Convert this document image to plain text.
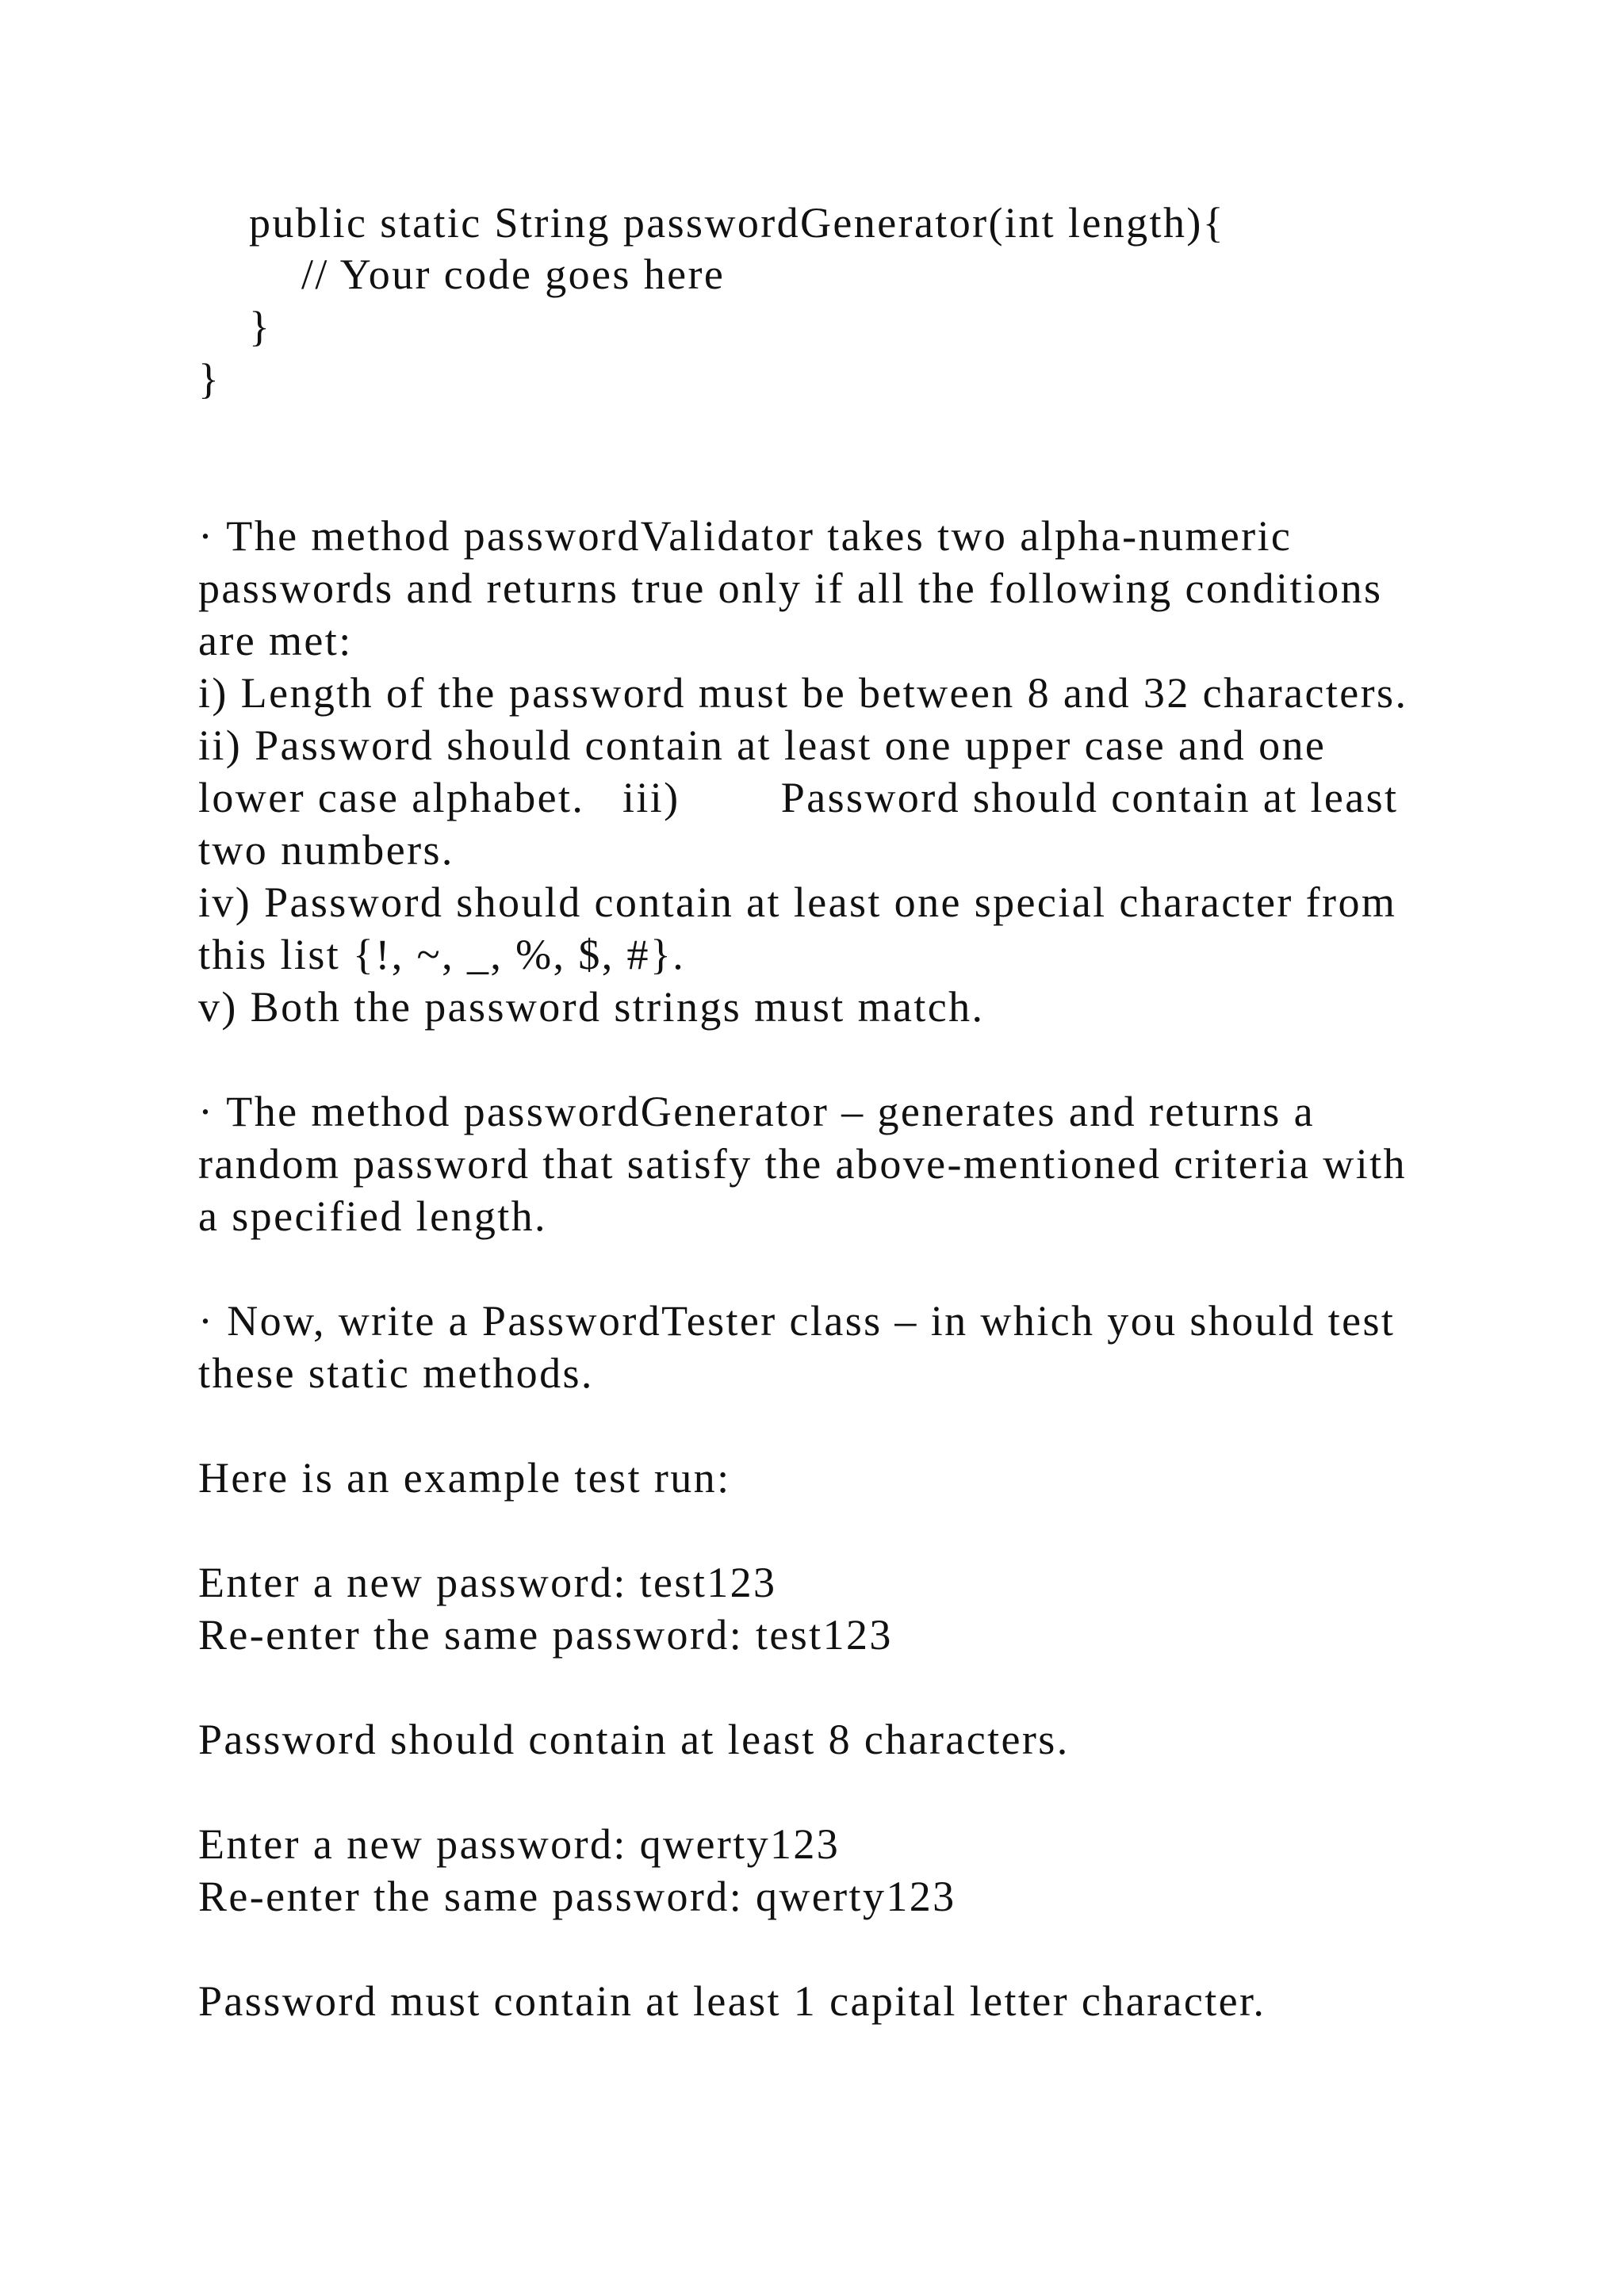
public static String passwordGenerator(int length){

// Your code goes here

}

}

· The method passwordValidator takes two alpha-numeric

passwords and returns true only if all the following conditions

are met:

i) Length of the password must be between 8 and 32 characters.

ii) Password should contain at least one upper case and one

lower case alphabet.   iii)        Password should contain at least

two numbers.

iv) Password should contain at least one special character from

this list {!, ~, _, %, $, #}.

v) Both the password strings must match.

· The method passwordGenerator – generates and returns a

random password that satisfy the above-mentioned criteria with

a specified length.

· Now, write a PasswordTester class – in which you should test

these static methods.

Here is an example test run:

Enter a new password: test123

Re-enter the same password: test123

Password should contain at least 8 characters.

Enter a new password: qwerty123

Re-enter the same password: qwerty123

Password must contain at least 1 capital letter character.
